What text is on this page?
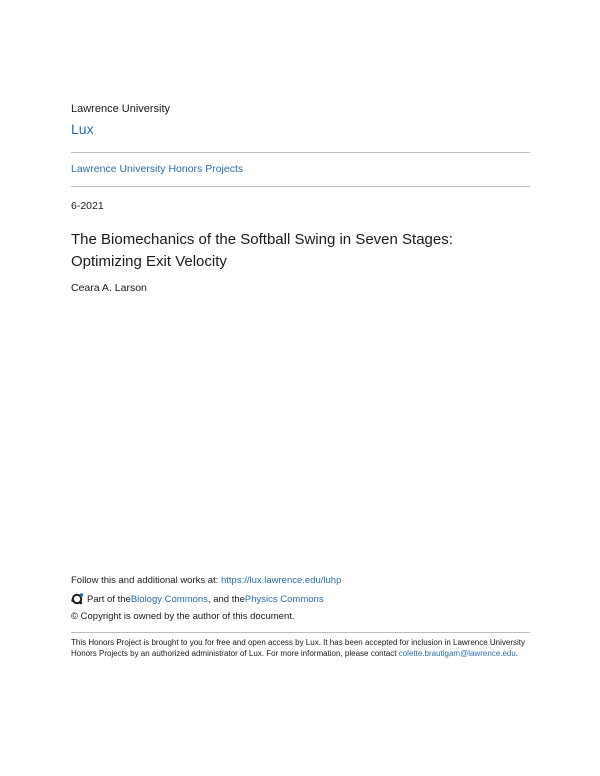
Lawrence University
Lux
Lawrence University Honors Projects
6-2021
The Biomechanics of the Softball Swing in Seven Stages: Optimizing Exit Velocity
Ceara A. Larson
Follow this and additional works at: https://lux.lawrence.edu/luhp
Part of the Biology Commons , and the Physics Commons
© Copyright is owned by the author of this document.
This Honors Project is brought to you for free and open access by Lux. It has been accepted for inclusion in Lawrence University Honors Projects by an authorized administrator of Lux. For more information, please contact colette.brautigam@lawrence.edu.
